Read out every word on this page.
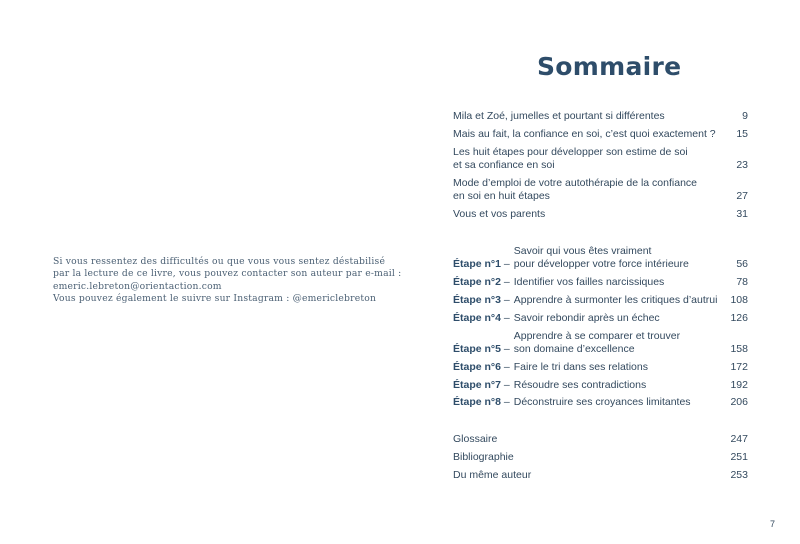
Si vous ressentez des difficultés ou que vous vous sentez déstabilisé
par la lecture de ce livre, vous pouvez contacter son auteur par e-mail :
emeric.lebreton@orientaction.com
Vous pouvez également le suivre sur Instagram : @emericlebreton
Sommaire
Mila et Zoé, jumelles et pourtant si différentes	9
Mais au fait, la confiance en soi, c’est quoi exactement ?	15
Les huit étapes pour développer son estime de soi
et sa confiance en soi	23
Mode d’emploi de votre autothérapie de la confiance
en soi en huit étapes	27
Vous et vos parents	31
Étape n°1 –
Savoir qui vous êtes vraiment
pour développer votre force intérieure	56
Étape n°2 – Identifier vos failles narcissiques	78
Étape n°3 – Apprendre à surmonter les critiques d’autrui	108
Étape n°4 – Savoir rebondir après un échec	126
Étape n°5 –
Apprendre à se comparer et trouver
son domaine d’excellence	158
Étape n°6 – Faire le tri dans ses relations	172
Étape n°7 – Résoudre ses contradictions	192
Étape n°8 – Déconstruire ses croyances limitantes	206
Glossaire	247
Bibliographie	251
Du même auteur	253
7
